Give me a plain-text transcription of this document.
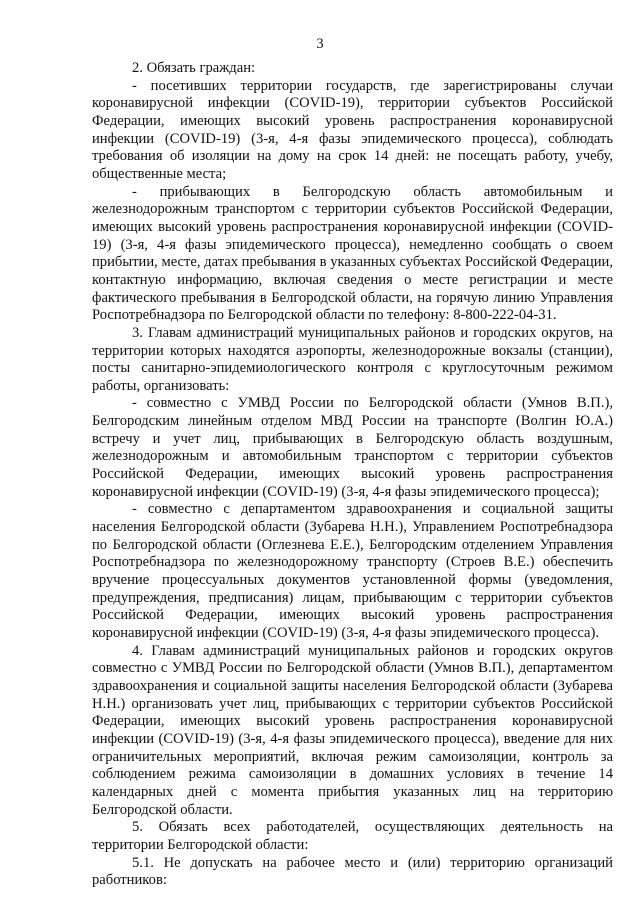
3

2. Обязать граждан:

- посетивших территории государств, где зарегистрированы случаи коронавирусной инфекции (COVID-19), территории субъектов Российской Федерации, имеющих высокий уровень распространения коронавирусной инфекции (COVID-19) (3-я, 4-я фазы эпидемического процесса), соблюдать требования об изоляции на дому на срок 14 дней: не посещать работу, учебу, общественные места;

- прибывающих в Белгородскую область автомобильным и железнодорожным транспортом с территории субъектов Российской Федерации, имеющих высокий уровень распространения коронавирусной инфекции (COVID-19) (3-я, 4-я фазы эпидемического процесса), немедленно сообщать о своем прибытии, месте, датах пребывания в указанных субъектах Российской Федерации, контактную информацию, включая сведения о месте регистрации и месте фактического пребывания в Белгородской области, на горячую линию Управления Роспотребнадзора по Белгородской области по телефону: 8-800-222-04-31.

3. Главам администраций муниципальных районов и городских округов, на территории которых находятся аэропорты, железнодорожные вокзалы (станции), посты санитарно-эпидемиологического контроля с круглосуточным режимом работы, организовать:

- совместно с УМВД России по Белгородской области (Умнов В.П.), Белгородским линейным отделом МВД России на транспорте (Волгин Ю.А.) встречу и учет лиц, прибывающих в Белгородскую область воздушным, железнодорожным и автомобильным транспортом с территории субъектов Российской Федерации, имеющих высокий уровень распространения коронавирусной инфекции (COVID-19) (3-я, 4-я фазы эпидемического процесса);

- совместно с департаментом здравоохранения и социальной защиты населения Белгородской области (Зубарева Н.Н.), Управлением Роспотребнадзора по Белгородской области (Оглезнева Е.Е.), Белгородским отделением Управления Роспотребнадзора по железнодорожному транспорту (Строев В.Е.) обеспечить вручение процессуальных документов установленной формы (уведомления, предупреждения, предписания) лицам, прибывающим с территории субъектов Российской Федерации, имеющих высокий уровень распространения коронавирусной инфекции (COVID-19) (3-я, 4-я фазы эпидемического процесса).

4. Главам администраций муниципальных районов и городских округов совместно с УМВД России по Белгородской области (Умнов В.П.), департаментом здравоохранения и социальной защиты населения Белгородской области (Зубарева Н.Н.) организовать учет лиц, прибывающих с территории субъектов Российской Федерации, имеющих высокий уровень распространения коронавирусной инфекции (COVID-19) (3-я, 4-я фазы эпидемического процесса), введение для них ограничительных мероприятий, включая режим самоизоляции, контроль за соблюдением режима самоизоляции в домашних условиях в течение 14 календарных дней с момента прибытия указанных лиц на территорию Белгородской области.

5. Обязать всех работодателей, осуществляющих деятельность на территории Белгородской области:

5.1. Не допускать на рабочее место и (или) территорию организаций работников:
